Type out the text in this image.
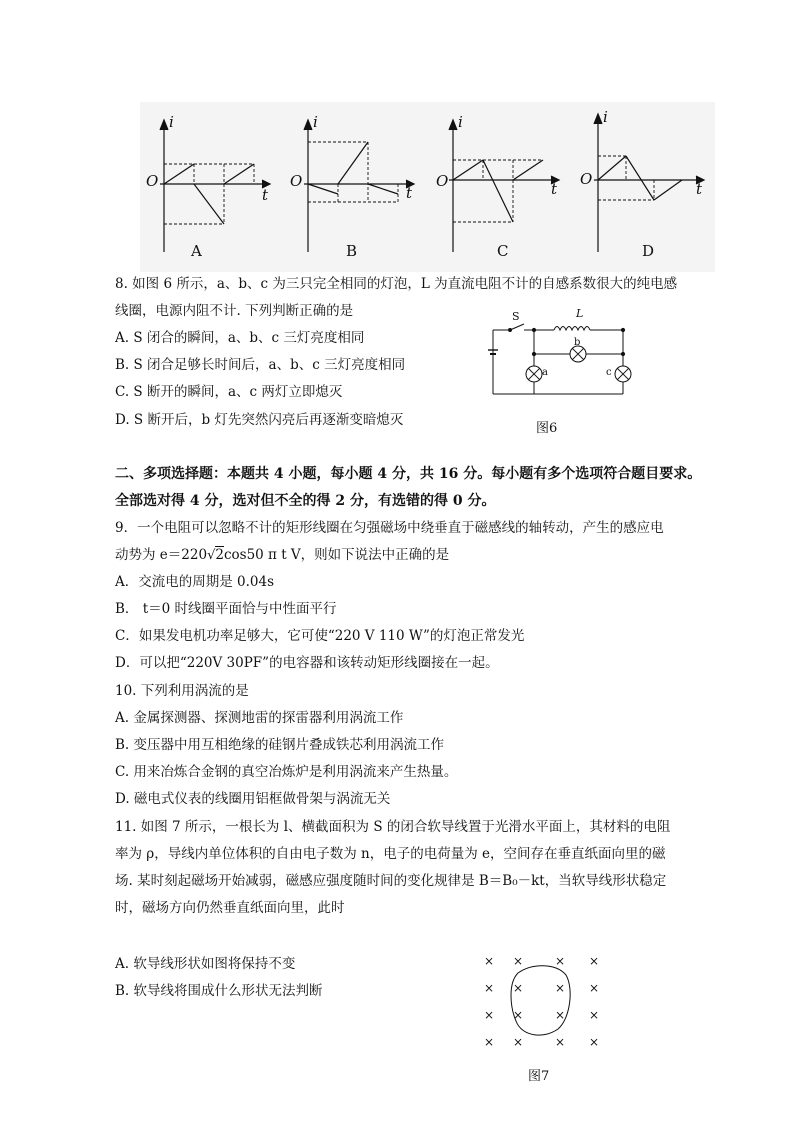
i
O
t
i
O
t
i
O	t
i
O
t
A	B	C	D
8. 如图 6 所示，a、b、c 为三只完全相同的灯泡，L 为直流电阻不计的自感系数很大的纯电感
线圈，电源内阻不计. 下列判断正确的是
A. S 闭合的瞬间，a、b、c 三灯亮度相同
B. S 闭合足够长时间后，a、b、c 三灯亮度相同
C. S 断开的瞬间，a、c 两灯立即熄灭
D. S 断开后，b 灯先突然闪亮后再逐渐变暗熄灭
S	L
b
a	c
图6
二、多项选择题：本题共 4 小题，每小题 4 分，共 16 分。每小题有多个选项符合题目要求。
全部选对得 4 分，选对但不全的得 2 分，有选错的得 0 分。
9．一个电阻可以忽略不计的矩形线圈在匀强磁场中绕垂直于磁感线的轴转动，产生的感应电
动势为 e＝220√2cos50 π t V，则如下说法中正确的是
A．交流电的周期是 0.04s
B． t＝0 时线圈平面恰与中性面平行
C．如果发电机功率足够大，它可使“220 V 110 W”的灯泡正常发光
D．可以把“220V 30PF”的电容器和该转动矩形线圈接在一起。
10. 下列利用涡流的是
A. 金属探测器、探测地雷的探雷器利用涡流工作
B. 变压器中用互相绝缘的硅钢片叠成铁芯利用涡流工作
C. 用来冶炼合金钢的真空冶炼炉是利用涡流来产生热量。
D. 磁电式仪表的线圈用铝框做骨架与涡流无关
11. 如图 7 所示，一根长为 l、横截面积为 S 的闭合软导线置于光滑水平面上，其材料的电阻
率为 ρ，导线内单位体积的自由电子数为 n，电子的电荷量为 e，空间存在垂直纸面向里的磁
场. 某时刻起磁场开始减弱，磁感应强度随时间的变化规律是 B＝B₀－kt，当软导线形状稳定
时，磁场方向仍然垂直纸面向里，此时
A. 软导线形状如图将保持不变
B. 软导线将围成什么形状无法判断
× ×	× ×
× ×	× ×
× ×	× ×
× ×	× ×
图7
